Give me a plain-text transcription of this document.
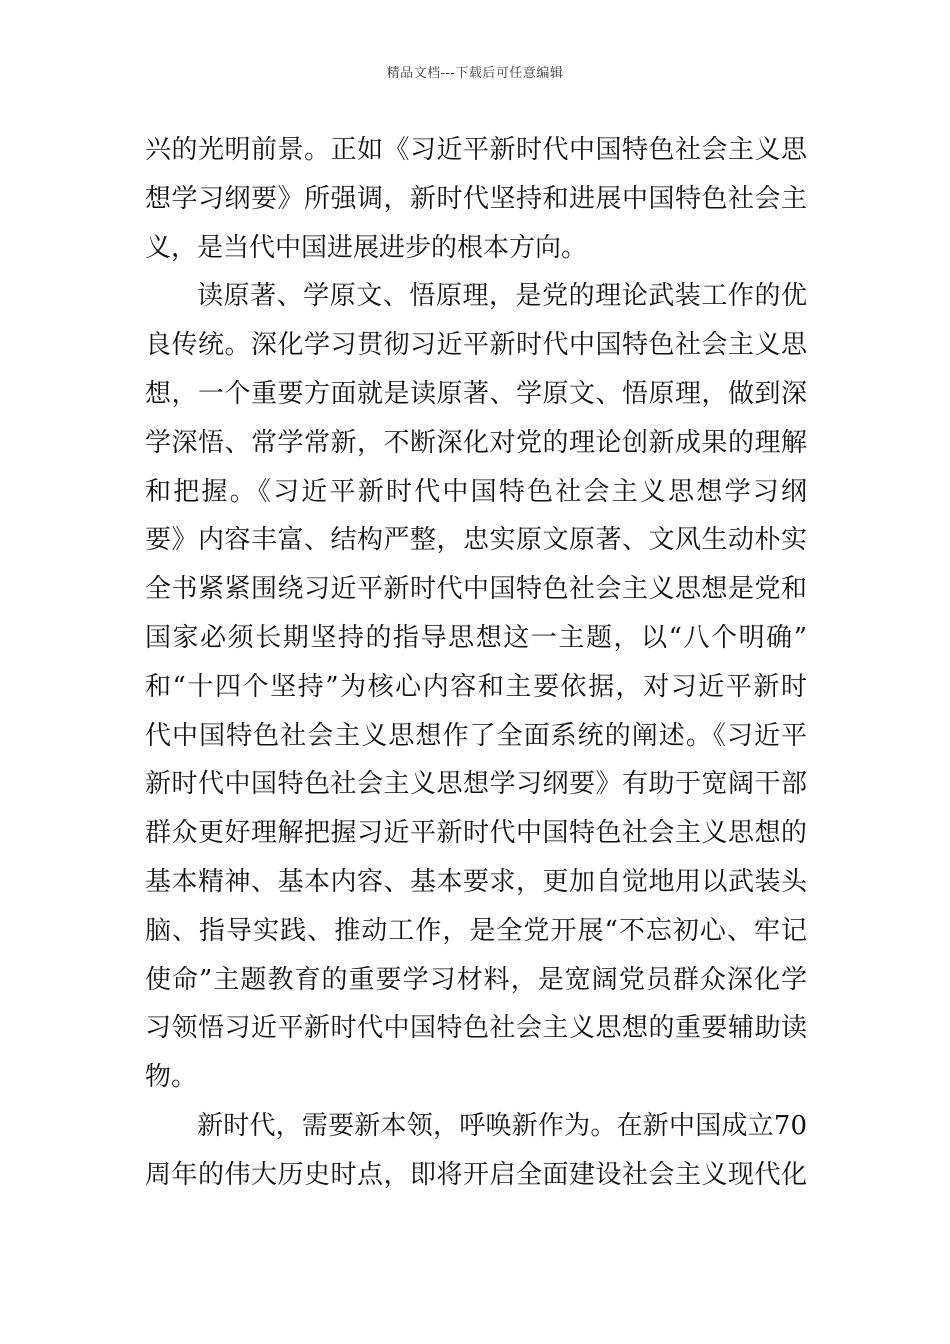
精品文档---下载后可任意编辑
兴的光明前景。正如《习近平新时代中国特色社会主义思
想学习纲要》所强调，新时代坚持和进展中国特色社会主
义，是当代中国进展进步的根本方向。
读原著、学原文、悟原理，是党的理论武装工作的优
良传统。深化学习贯彻习近平新时代中国特色社会主义思
想，一个重要方面就是读原著、学原文、悟原理，做到深
学深悟、常学常新，不断深化对党的理论创新成果的理解
和把握。《习近平新时代中国特色社会主义思想学习纲
要》内容丰富、结构严整，忠实原文原著、文风生动朴实
全书紧紧围绕习近平新时代中国特色社会主义思想是党和
国家必须长期坚持的指导思想这一主题，以“八个明确”
和“十四个坚持”为核心内容和主要依据，对习近平新时
代中国特色社会主义思想作了全面系统的阐述。《习近平
新时代中国特色社会主义思想学习纲要》有助于宽阔干部
群众更好理解把握习近平新时代中国特色社会主义思想的
基本精神、基本内容、基本要求，更加自觉地用以武装头
脑、指导实践、推动工作，是全党开展“不忘初心、牢记
使命”主题教育的重要学习材料，是宽阔党员群众深化学
习领悟习近平新时代中国特色社会主义思想的重要辅助读
物。
新时代，需要新本领，呼唤新作为。在新中国成立70
周年的伟大历史时点，即将开启全面建设社会主义现代化
